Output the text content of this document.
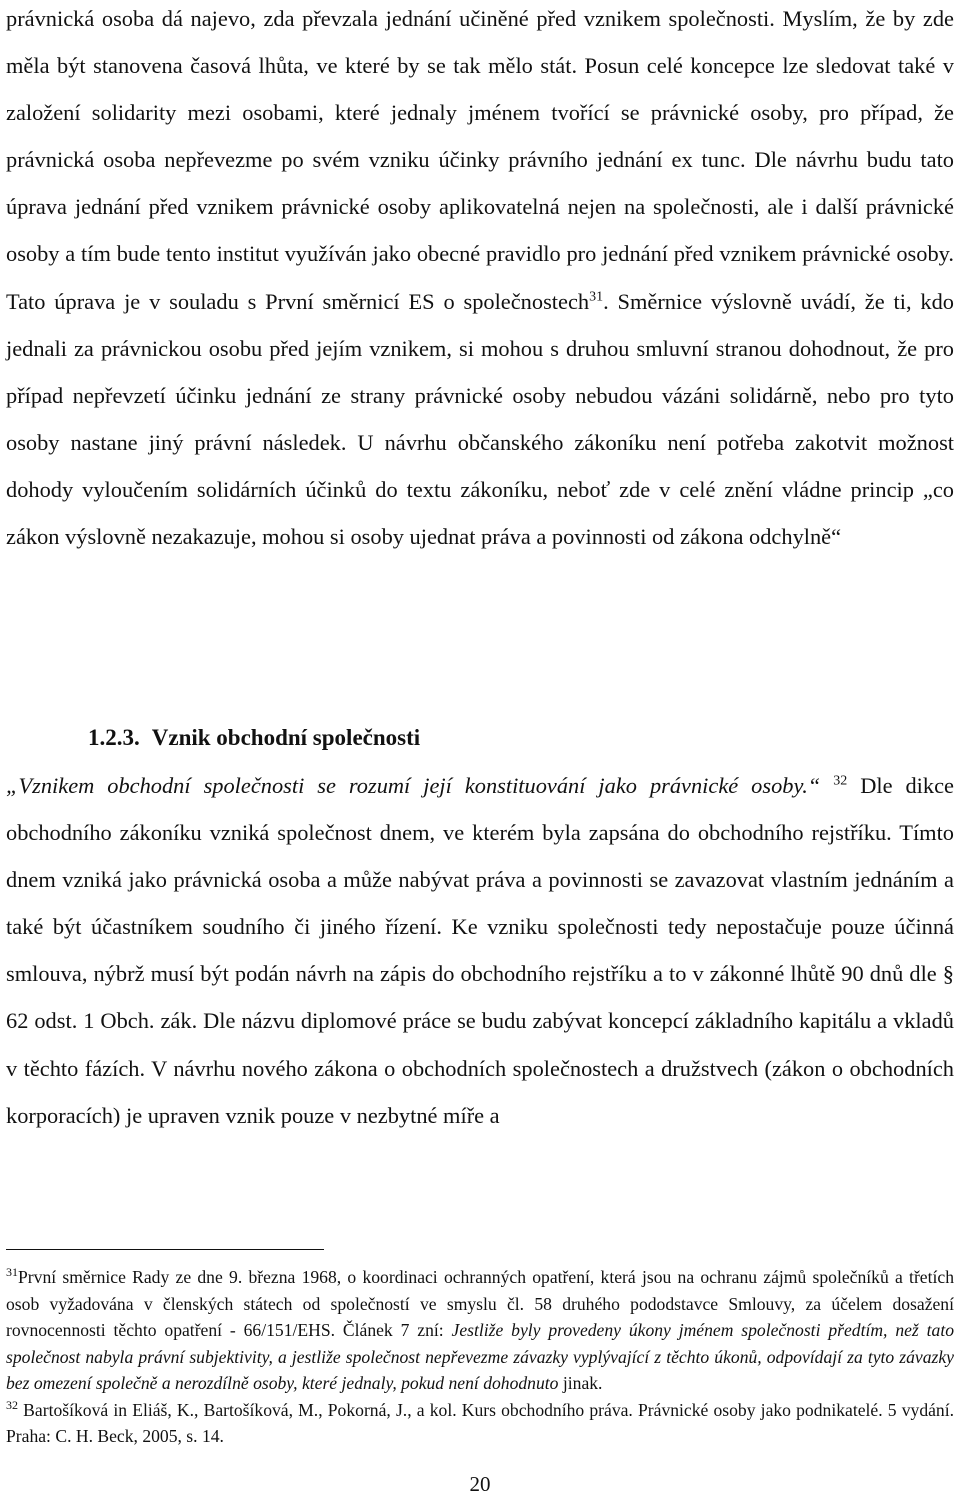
právnická osoba dá najevo, zda převzala jednání učiněné před vznikem společnosti. Myslím, že by zde měla být stanovena časová lhůta, ve které by se tak mělo stát. Posun celé koncepce lze sledovat také v založení solidarity mezi osobami, které jednaly jménem tvořící se právnické osoby, pro případ, že právnická osoba nepřevezme po svém vzniku účinky právního jednání ex tunc. Dle návrhu budu tato úprava jednání před vznikem právnické osoby aplikovatelná nejen na společnosti, ale i další právnické osoby a tím bude tento institut využíván jako obecné pravidlo pro jednání před vznikem právnické osoby. Tato úprava je v souladu s První směrnicí ES o společnostech$^{31}$. Směrnice výslovně uvádí, že ti, kdo jednali za právnickou osobu před jejím vznikem, si mohou s druhou smluvní stranou dohodnout, že pro případ nepřevzetí účinku jednání ze strany právnické osoby nebudou vázáni solidárně, nebo pro tyto osoby nastane jiný právní následek. U návrhu občanského zákoníku není potřeba zakotvit možnost dohody vyloučením solidárních účinků do textu zákoníku, neboť zde v celé znění vládne princip „co zákon výslovně nezakazuje, mohou si osoby ujednat práva a povinnosti od zákona odchylně“

1.2.3. Vznik obchodní společnosti

„Vznikem obchodní společnosti se rozumí její konstituování jako právnické osoby.“ $^{32}$ Dle dikce obchodního zákoníku vzniká společnost dnem, ve kterém byla zapsána do obchodního rejstříku. Tímto dnem vzniká jako právnická osoba a může nabývat práva a povinnosti se zavazovat vlastním jednáním a také být účastníkem soudního či jiného řízení. Ke vzniku společnosti tedy nepostačuje pouze účinná smlouva, nýbrž musí být podán návrh na zápis do obchodního rejstříku a to v zákonné lhůtě 90 dnů dle § 62 odst. 1 Obch. zák. Dle názvu diplomové práce se budu zabývat koncepcí základního kapitálu a vkladů v těchto fázích. V návrhu nového zákona o obchodních společnostech a družstvech (zákon o obchodních korporacích) je upraven vznik pouze v nezbytné míře a

$^{31}$První směrnice Rady ze dne 9. března 1968, o koordinaci ochranných opatření, která jsou na ochranu zájmů společníků a třetích osob vyžadována v členských státech od společností ve smyslu čl. 58 druhého pododstavce Smlouvy, za účelem dosažení rovnocennosti těchto opatření - 66/151/EHS. Článek 7 zní: Jestliže byly provedeny úkony jménem společnosti předtím, než tato společnost nabyla právní subjektivity, a jestliže společnost nepřevezme závazky vyplývající z těchto úkonů, odpovídají za tyto závazky bez omezení společně a nerozdílně osoby, které jednaly, pokud není dohodnuto jinak.

$^{32}$ Bartošíková in Eliáš, K., Bartošíková, M., Pokorná, J., a kol. Kurs obchodního práva. Právnické osoby jako podnikatelé. 5 vydání. Praha: C. H. Beck, 2005, s. 14.

20
